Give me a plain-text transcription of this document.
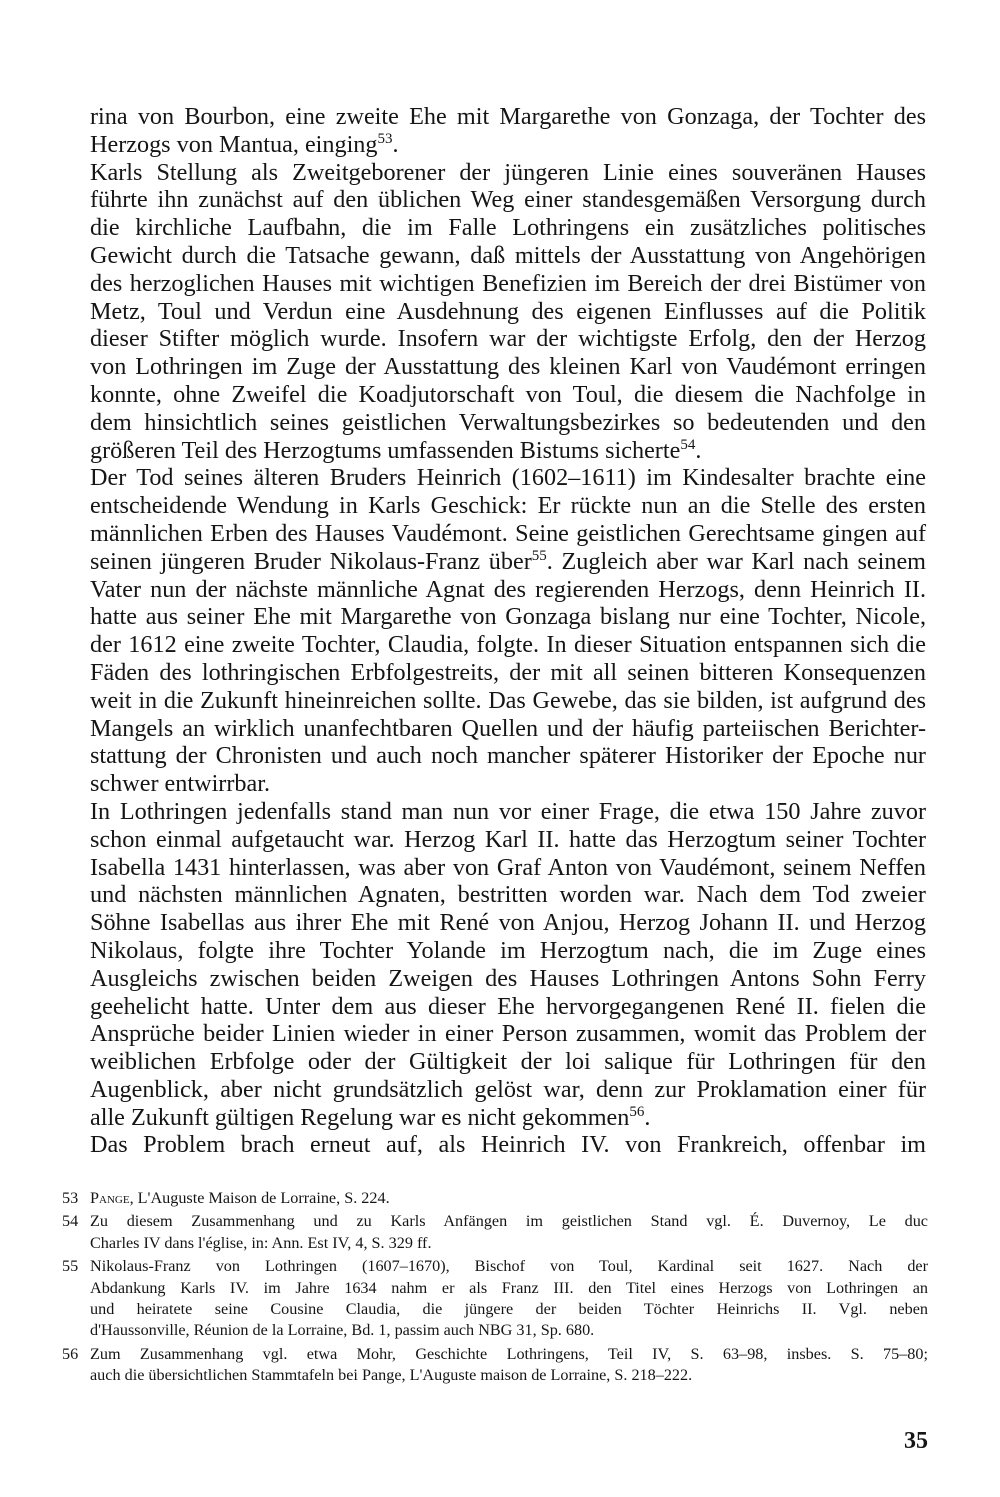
rina von Bourbon, eine zweite Ehe mit Margarethe von Gonzaga, der Tochter des
Herzogs von Mantua, einging$^{53}$.

Karls Stellung als Zweitgeborener der jüngeren Linie eines souveränen Hauses
führte ihn zunächst auf den üblichen Weg einer standesgemäßen Versorgung durch
die kirchliche Laufbahn, die im Falle Lothringens ein zusätzliches politisches
Gewicht durch die Tatsache gewann, daß mittels der Ausstattung von Angehörigen
des herzoglichen Hauses mit wichtigen Benefizien im Bereich der drei Bistümer von
Metz, Toul und Verdun eine Ausdehnung des eigenen Einflusses auf die Politik
dieser Stifter möglich wurde. Insofern war der wichtigste Erfolg, den der Herzog
von Lothringen im Zuge der Ausstattung des kleinen Karl von Vaudémont erringen
konnte, ohne Zweifel die Koadjutorschaft von Toul, die diesem die Nachfolge in
dem hinsichtlich seines geistlichen Verwaltungsbezirkes so bedeutenden und den
größeren Teil des Herzogtums umfassenden Bistums sicherte$^{54}$.

Der Tod seines älteren Bruders Heinrich (1602–1611) im Kindesalter brachte eine
entscheidende Wendung in Karls Geschick: Er rückte nun an die Stelle des ersten
männlichen Erben des Hauses Vaudémont. Seine geistlichen Gerechtsame gingen auf
seinen jüngeren Bruder Nikolaus-Franz über$^{55}$. Zugleich aber war Karl nach seinem
Vater nun der nächste männliche Agnat des regierenden Herzogs, denn Heinrich II.
hatte aus seiner Ehe mit Margarethe von Gonzaga bislang nur eine Tochter, Nicole,
der 1612 eine zweite Tochter, Claudia, folgte. In dieser Situation entspannen sich die
Fäden des lothringischen Erbfolgestreits, der mit all seinen bitteren Konsequenzen
weit in die Zukunft hineinreichen sollte. Das Gewebe, das sie bilden, ist aufgrund des
Mangels an wirklich unanfechtbaren Quellen und der häufig parteiischen Berichter-
stattung der Chronisten und auch noch mancher späterer Historiker der Epoche nur
schwer entwirrbar.

In Lothringen jedenfalls stand man nun vor einer Frage, die etwa 150 Jahre zuvor
schon einmal aufgetaucht war. Herzog Karl II. hatte das Herzogtum seiner Tochter
Isabella 1431 hinterlassen, was aber von Graf Anton von Vaudémont, seinem Neffen
und nächsten männlichen Agnaten, bestritten worden war. Nach dem Tod zweier
Söhne Isabellas aus ihrer Ehe mit René von Anjou, Herzog Johann II. und Herzog
Nikolaus, folgte ihre Tochter Yolande im Herzogtum nach, die im Zuge eines
Ausgleichs zwischen beiden Zweigen des Hauses Lothringen Antons Sohn Ferry
geehelicht hatte. Unter dem aus dieser Ehe hervorgegangenen René II. fielen die
Ansprüche beider Linien wieder in einer Person zusammen, womit das Problem der
weiblichen Erbfolge oder der Gültigkeit der loi salique für Lothringen für den
Augenblick, aber nicht grundsätzlich gelöst war, denn zur Proklamation einer für
alle Zukunft gültigen Regelung war es nicht gekommen$^{56}$.

Das Problem brach erneut auf, als Heinrich IV. von Frankreich, offenbar im

53 Pange, L'Auguste Maison de Lorraine, S. 224.
54 Zu diesem Zusammenhang und zu Karls Anfängen im geistlichen Stand vgl. É. Duvernoy, Le duc
Charles IV dans l'église, in: Ann. Est IV, 4, S. 329 ff.
55 Nikolaus-Franz von Lothringen (1607–1670), Bischof von Toul, Kardinal seit 1627. Nach der
Abdankung Karls IV. im Jahre 1634 nahm er als Franz III. den Titel eines Herzogs von Lothringen an
und heiratete seine Cousine Claudia, die jüngere der beiden Töchter Heinrichs II. Vgl. neben
d'Haussonville, Réunion de la Lorraine, Bd. 1, passim auch NBG 31, Sp. 680.
56 Zum Zusammenhang vgl. etwa Mohr, Geschichte Lothringens, Teil IV, S. 63–98, insbes. S. 75–80;
auch die übersichtlichen Stammtafeln bei Pange, L'Auguste maison de Lorraine, S. 218–222.
35
